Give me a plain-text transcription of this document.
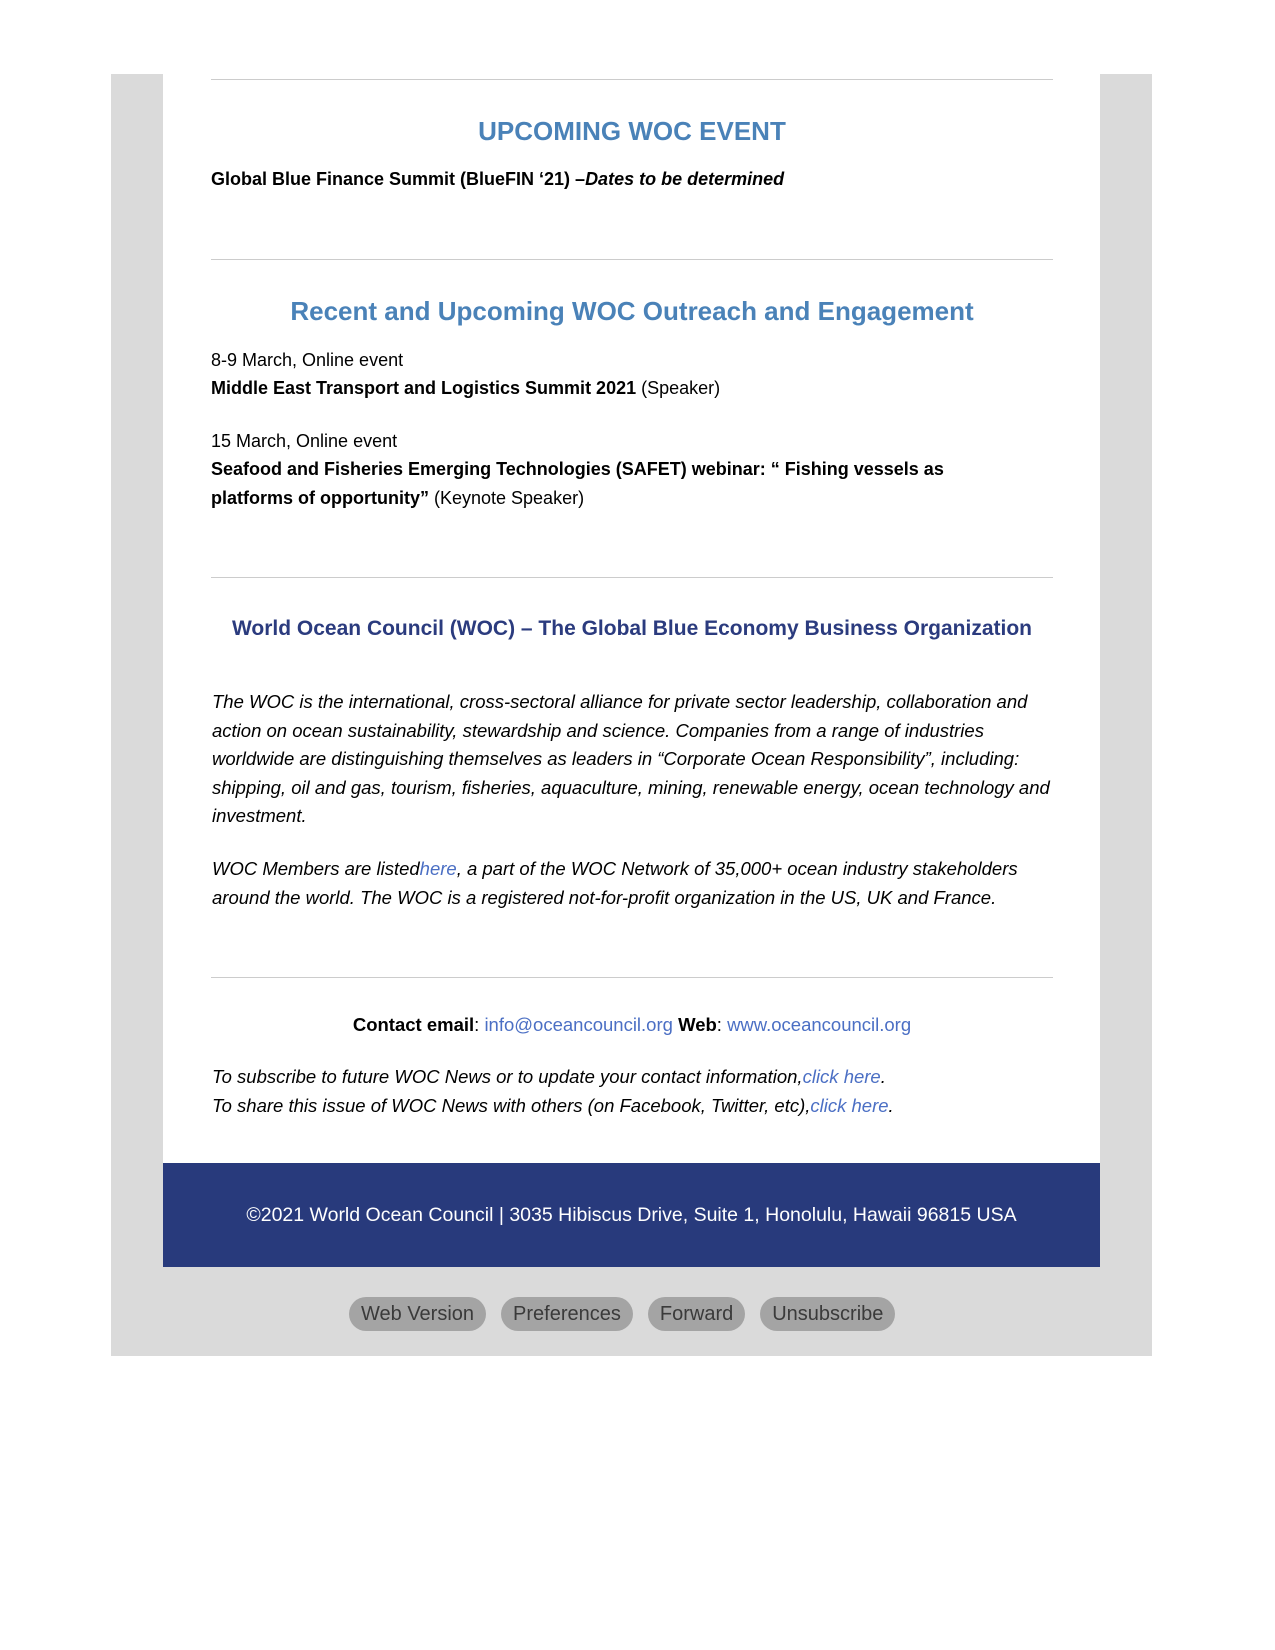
UPCOMING WOC EVENT
Global Blue Finance Summit (BlueFIN ‘21) –Dates to be determined
Recent and Upcoming WOC Outreach and Engagement
8-9 March, Online event
Middle East Transport and Logistics Summit 2021 (Speaker)
15 March, Online event
Seafood and Fisheries Emerging Technologies (SAFET) webinar: “ Fishing vessels as
platforms of opportunity” (Keynote Speaker)
World Ocean Council (WOC) – The Global Blue Economy Business Organization

The WOC is the international, cross-sectoral alliance for private sector leadership, collaboration and action on ocean sustainability, stewardship and science. Companies from a range of industries worldwide are distinguishing themselves as leaders in “Corporate Ocean Responsibility”, including: shipping, oil and gas, tourism, fisheries, aquaculture, mining, renewable energy, ocean technology and investment.

WOC Members are listedhere, a part of the WOC Network of 35,000+ ocean industry stakeholders around the world. The WOC is a registered not-for-profit organization in the US, UK and France.

Contact email: info@oceancouncil.org Web: www.oceancouncil.org
To subscribe to future WOC News or to update your contact information,click here.
To share this issue of WOC News with others (on Facebook, Twitter, etc),click here.
©2021 World Ocean Council | 3035 Hibiscus Drive, Suite 1, Honolulu, Hawaii 96815 USA
Web Version	Preferences	Forward	Unsubscribe
